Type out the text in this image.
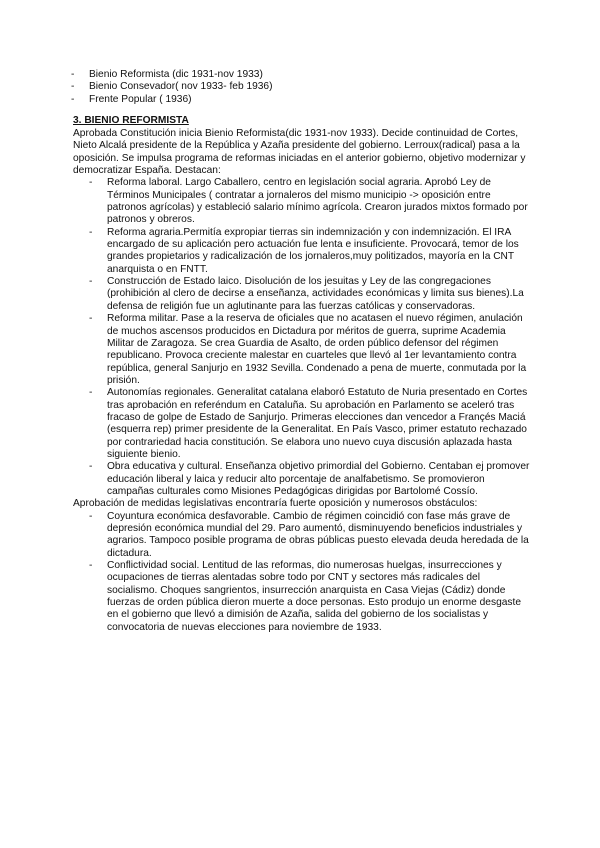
- Bienio Reformista (dic 1931-nov 1933)
- Bienio Consevador( nov 1933- feb 1936)
- Frente Popular ( 1936)
3. BIENIO REFORMISTA

Aprobada Constitución inicia Bienio Reformista(dic 1931-nov 1933). Decide continuidad de Cortes, Nieto Alcalá presidente de la República y Azaña presidente del gobierno. Lerroux(radical) pasa a la oposición. Se impulsa programa de reformas iniciadas en el anterior gobierno, objetivo modernizar y democratizar España. Destacan:

- Reforma laboral. Largo Caballero, centro en legislación social agraria. Aprobó Ley de Términos Municipales ( contratar a jornaleros del mismo municipio -> oposición entre patronos agrícolas) y estableció salario mínimo agrícola. Crearon jurados mixtos formado por patronos y obreros.
- Reforma agraria.Permitía expropiar tierras sin indemnización y con indemnización. El IRA encargado de su aplicación pero actuación fue lenta e insuficiente. Provocará, temor de los grandes propietarios y radicalización de los jornaleros,muy politizados, mayoría en la CNT anarquista o en FNTT.
- Construcción de Estado laico. Disolución de los jesuitas y Ley de las congregaciones (prohibición al clero de decirse a enseñanza, actividades económicas y limita sus bienes).La defensa de religión fue un aglutinante para las fuerzas católicas y conservadoras.
- Reforma militar. Pase a la reserva de oficiales que no acatasen el nuevo régimen, anulación de muchos ascensos producidos en Dictadura por méritos de guerra, suprime Academia Militar de Zaragoza. Se crea Guardia de Asalto, de orden público defensor del régimen republicano. Provoca creciente malestar en cuarteles que llevó al 1er levantamiento contra república, general Sanjurjo en 1932 Sevilla. Condenado a pena de muerte, conmutada por la prisión.
- Autonomías regionales. Generalitat catalana elaboró Estatuto de Nuria presentado en Cortes tras aprobación en referéndum en Cataluña. Su aprobación en Parlamento se aceleró tras fracaso de golpe de Estado de Sanjurjo. Primeras elecciones dan vencedor a Françés Maciá (esquerra rep) primer presidente de la Generalitat. En País Vasco, primer estatuto rechazado por contrariedad hacia constitución. Se elabora uno nuevo cuya discusión aplazada hasta siguiente bienio.
- Obra educativa y cultural. Enseñanza objetivo primordial del Gobierno. Centaban ej promover educación liberal y laica y reducir alto porcentaje de analfabetismo. Se promovieron campañas culturales como Misiones Pedagógicas dirigidas por Bartolomé Cossío.

Aprobación de medidas legislativas encontraría fuerte oposición y numerosos obstáculos:

- Coyuntura económica desfavorable. Cambio de régimen coincidió con fase más grave de depresión económica mundial del 29. Paro aumentó, disminuyendo beneficios industriales y agrarios. Tampoco posible programa de obras públicas puesto elevada deuda heredada de la dictadura.
- Conflictividad social. Lentitud de las reformas, dio numerosas huelgas, insurrecciones y ocupaciones de tierras alentadas sobre todo por CNT y sectores más radicales del socialismo. Choques sangrientos, insurrección anarquista en Casa Viejas (Cádiz) donde fuerzas de orden pública dieron muerte a doce personas. Esto produjo un enorme desgaste en el gobierno que llevó a dimisión de Azaña, salida del gobierno de los socialistas y convocatoria de nuevas elecciones para noviembre de 1933.
